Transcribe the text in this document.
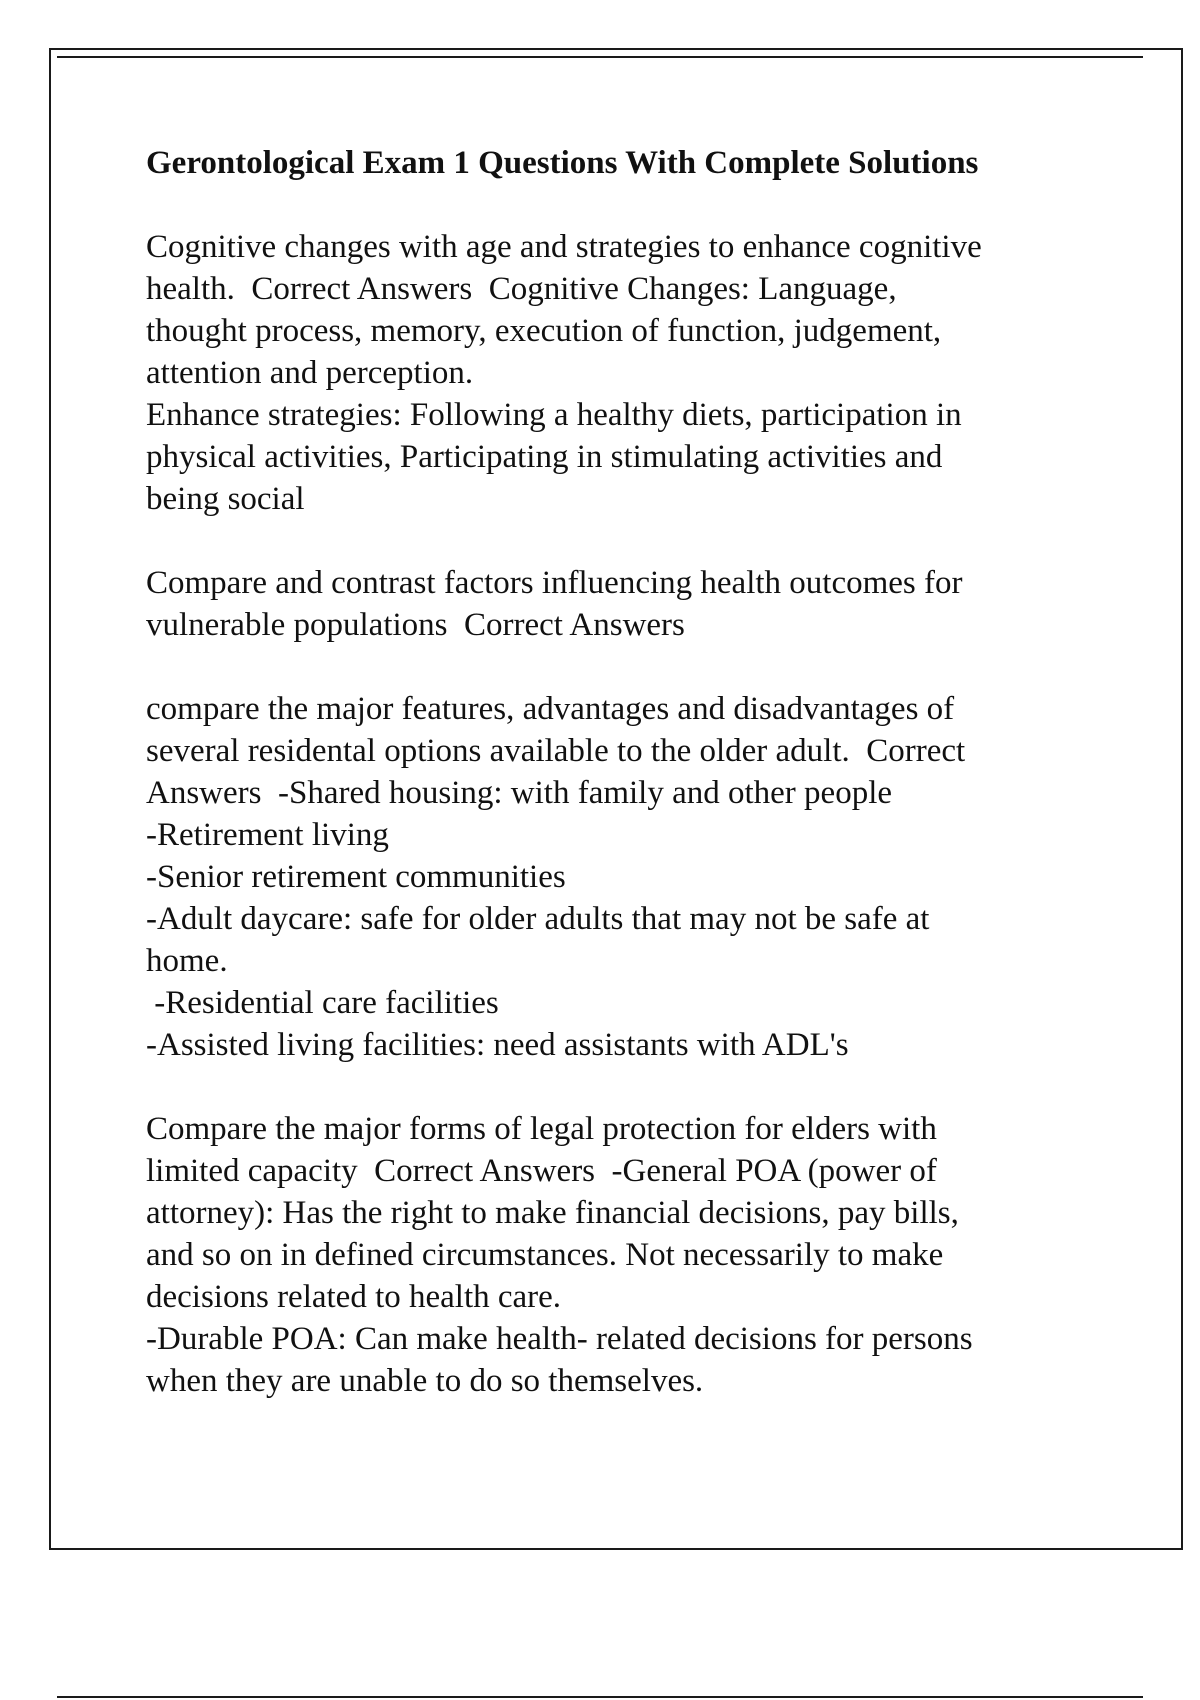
Gerontological Exam 1 Questions With Complete Solutions
Cognitive changes with age and strategies to enhance cognitive
health.  Correct Answers  Cognitive Changes: Language,
thought process, memory, execution of function, judgement,
attention and perception.
Enhance strategies: Following a healthy diets, participation in
physical activities, Participating in stimulating activities and
being social
Compare and contrast factors influencing health outcomes for
vulnerable populations  Correct Answers
compare the major features, advantages and disadvantages of
several residental options available to the older adult.  Correct
Answers  -Shared housing: with family and other people
-Retirement living
-Senior retirement communities
-Adult daycare: safe for older adults that may not be safe at
home.
-Residential care facilities
-Assisted living facilities: need assistants with ADL's
Compare the major forms of legal protection for elders with
limited capacity  Correct Answers  -General POA (power of
attorney): Has the right to make financial decisions, pay bills,
and so on in defined circumstances. Not necessarily to make
decisions related to health care.
-Durable POA: Can make health- related decisions for persons
when they are unable to do so themselves.
